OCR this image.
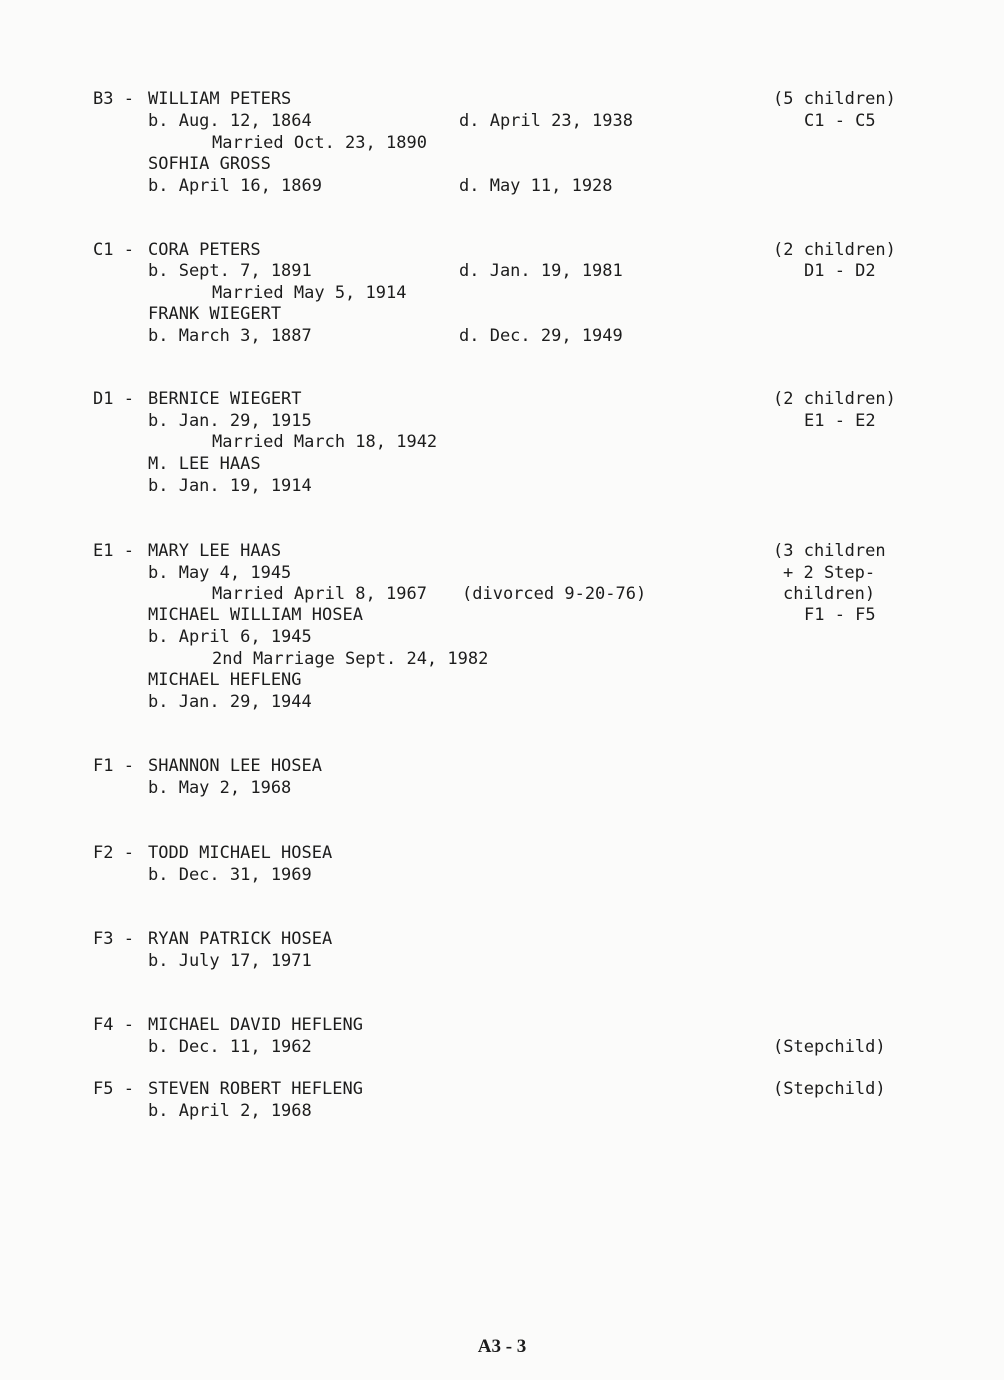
B3 - WILLIAM PETERS
b. Aug. 12, 1864	d. April 23, 1938
Married Oct. 23, 1890
SOFHIA GROSS
b. April 16, 1869	d. May 11, 1928
(5 children)
C1 - C5
C1 - CORA PETERS
b. Sept. 7, 1891	d. Jan. 19, 1981
Married May 5, 1914
FRANK WIEGERT
b. March 3, 1887	d. Dec. 29, 1949
(2 children)
D1 - D2
D1 - BERNICE WIEGERT
b. Jan. 29, 1915
Married March 18, 1942
M. LEE HAAS
b. Jan. 19, 1914
(2 children)
E1 - E2
E1 - MARY LEE HAAS
b. May 4, 1945
Married April 8, 1967 (divorced 9-20-76)
MICHAEL WILLIAM HOSEA
b. April 6, 1945
2nd Marriage Sept. 24, 1982
MICHAEL HEFLENG
b. Jan. 29, 1944
(3 children
+ 2 Step-
children)
F1 - F5
F1 - SHANNON LEE HOSEA
b. May 2, 1968
F2 - TODD MICHAEL HOSEA
b. Dec. 31, 1969
F3 - RYAN PATRICK HOSEA
b. July 17, 1971
F4 - MICHAEL DAVID HEFLENG
b. Dec. 11, 1962	(Stepchild)
F5 - STEVEN ROBERT HEFLENG
b. April 2, 1968
(Stepchild)
A3 - 3
